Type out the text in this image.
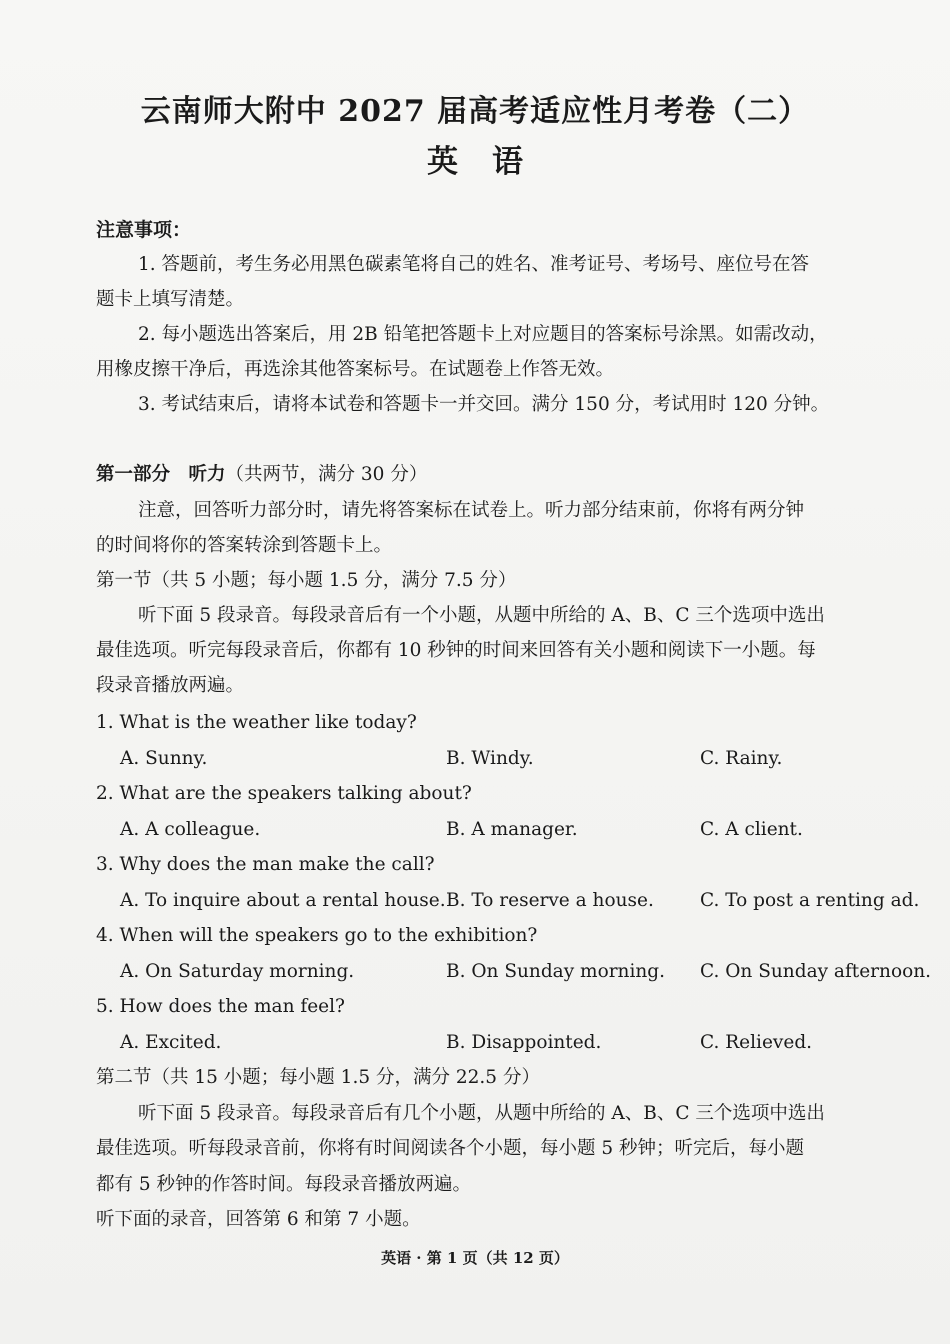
云南师大附中 2027 届高考适应性月考卷（二）
英语
注意事项：
1. 答题前，考生务必用黑色碳素笔将自己的姓名、准考证号、考场号、座位号在答
题卡上填写清楚。
2. 每小题选出答案后，用 2B 铅笔把答题卡上对应题目的答案标号涂黑。如需改动，
用橡皮擦干净后，再选涂其他答案标号。在试题卷上作答无效。
3. 考试结束后，请将本试卷和答题卡一并交回。满分 150 分，考试用时 120 分钟。
第一部分　听力（共两节，满分 30 分）
注意，回答听力部分时，请先将答案标在试卷上。听力部分结束前，你将有两分钟
的时间将你的答案转涂到答题卡上。
第一节（共 5 小题；每小题 1.5 分，满分 7.5 分）
听下面 5 段录音。每段录音后有一个小题，从题中所给的 A、B、C 三个选项中选出
最佳选项。听完每段录音后，你都有 10 秒钟的时间来回答有关小题和阅读下一小题。每
段录音播放两遍。
1. What is the weather like today?
A. Sunny.	B. Windy.	C. Rainy.
2. What are the speakers talking about?
A. A colleague.	B. A manager.	C. A client.
3. Why does the man make the call?
A. To inquire about a rental house. B. To reserve a house. C. To post a renting ad.
4. When will the speakers go to the exhibition?
A. On Saturday morning.	B. On Sunday morning. C. On Sunday afternoon.
5. How does the man feel?
A. Excited.	B. Disappointed.	C. Relieved.
第二节（共 15 小题；每小题 1.5 分，满分 22.5 分）
听下面 5 段录音。每段录音后有几个小题，从题中所给的 A、B、C 三个选项中选出
最佳选项。听每段录音前，你将有时间阅读各个小题，每小题 5 秒钟；听完后，每小题
都有 5 秒钟的作答时间。每段录音播放两遍。
听下面的录音，回答第 6 和第 7 小题。
英语 · 第 1 页（共 12 页）
